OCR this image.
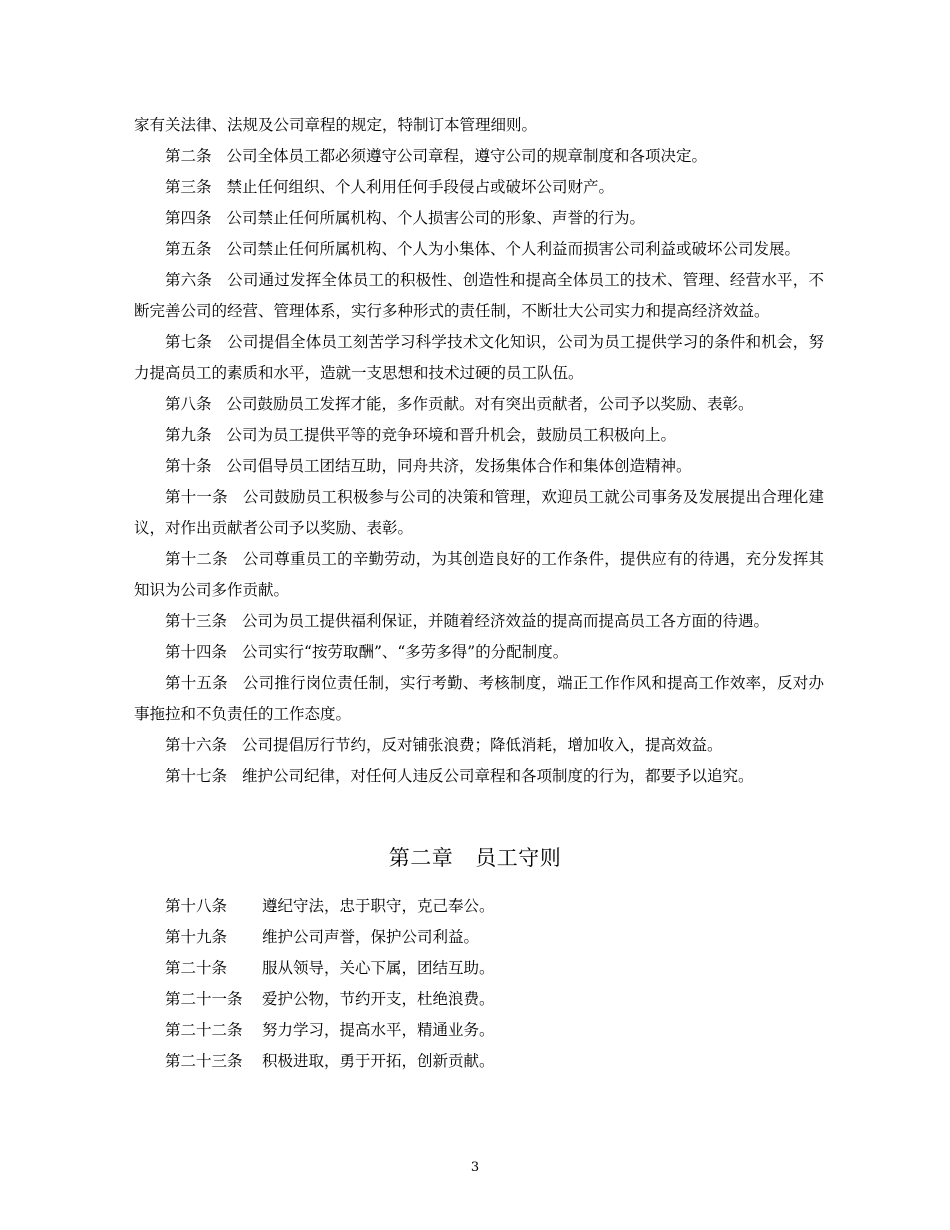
家有关法律、法规及公司章程的规定，特制订本管理细则。

第二条 公司全体员工都必须遵守公司章程，遵守公司的规章制度和各项决定。

第三条 禁止任何组织、个人利用任何手段侵占或破坏公司财产。

第四条 公司禁止任何所属机构、个人损害公司的形象、声誉的行为。

第五条 公司禁止任何所属机构、个人为小集体、个人利益而损害公司利益或破坏公司发展。

第六条 公司通过发挥全体员工的积极性、创造性和提高全体员工的技术、管理、经营水平，不断完善公司的经营、管理体系，实行多种形式的责任制，不断壮大公司实力和提高经济效益。

第七条 公司提倡全体员工刻苦学习科学技术文化知识，公司为员工提供学习的条件和机会，努力提高员工的素质和水平，造就一支思想和技术过硬的员工队伍。

第八条 公司鼓励员工发挥才能，多作贡献。对有突出贡献者，公司予以奖励、表彰。

第九条 公司为员工提供平等的竞争环境和晋升机会，鼓励员工积极向上。

第十条 公司倡导员工团结互助，同舟共济，发扬集体合作和集体创造精神。

第十一条 公司鼓励员工积极参与公司的决策和管理，欢迎员工就公司事务及发展提出合理化建议，对作出贡献者公司予以奖励、表彰。

第十二条 公司尊重员工的辛勤劳动，为其创造良好的工作条件，提供应有的待遇，充分发挥其知识为公司多作贡献。

第十三条 公司为员工提供福利保证，并随着经济效益的提高而提高员工各方面的待遇。

第十四条 公司实行“按劳取酬”、“多劳多得”的分配制度。

第十五条 公司推行岗位责任制，实行考勤、考核制度，端正工作作风和提高工作效率，反对办事拖拉和不负责任的工作态度。

第十六条 公司提倡厉行节约，反对铺张浪费；降低消耗，增加收入，提高效益。

第十七条 维护公司纪律，对任何人违反公司章程和各项制度的行为，都要予以追究。

第二章 员工守则

第十八条	遵纪守法，忠于职守，克己奉公。

第十九条	维护公司声誉，保护公司利益。

第二十条	服从领导，关心下属，团结互助。

第二十一条	爱护公物，节约开支，杜绝浪费。

第二十二条	努力学习，提高水平，精通业务。

第二十三条	积极进取，勇于开拓，创新贡献。

3
